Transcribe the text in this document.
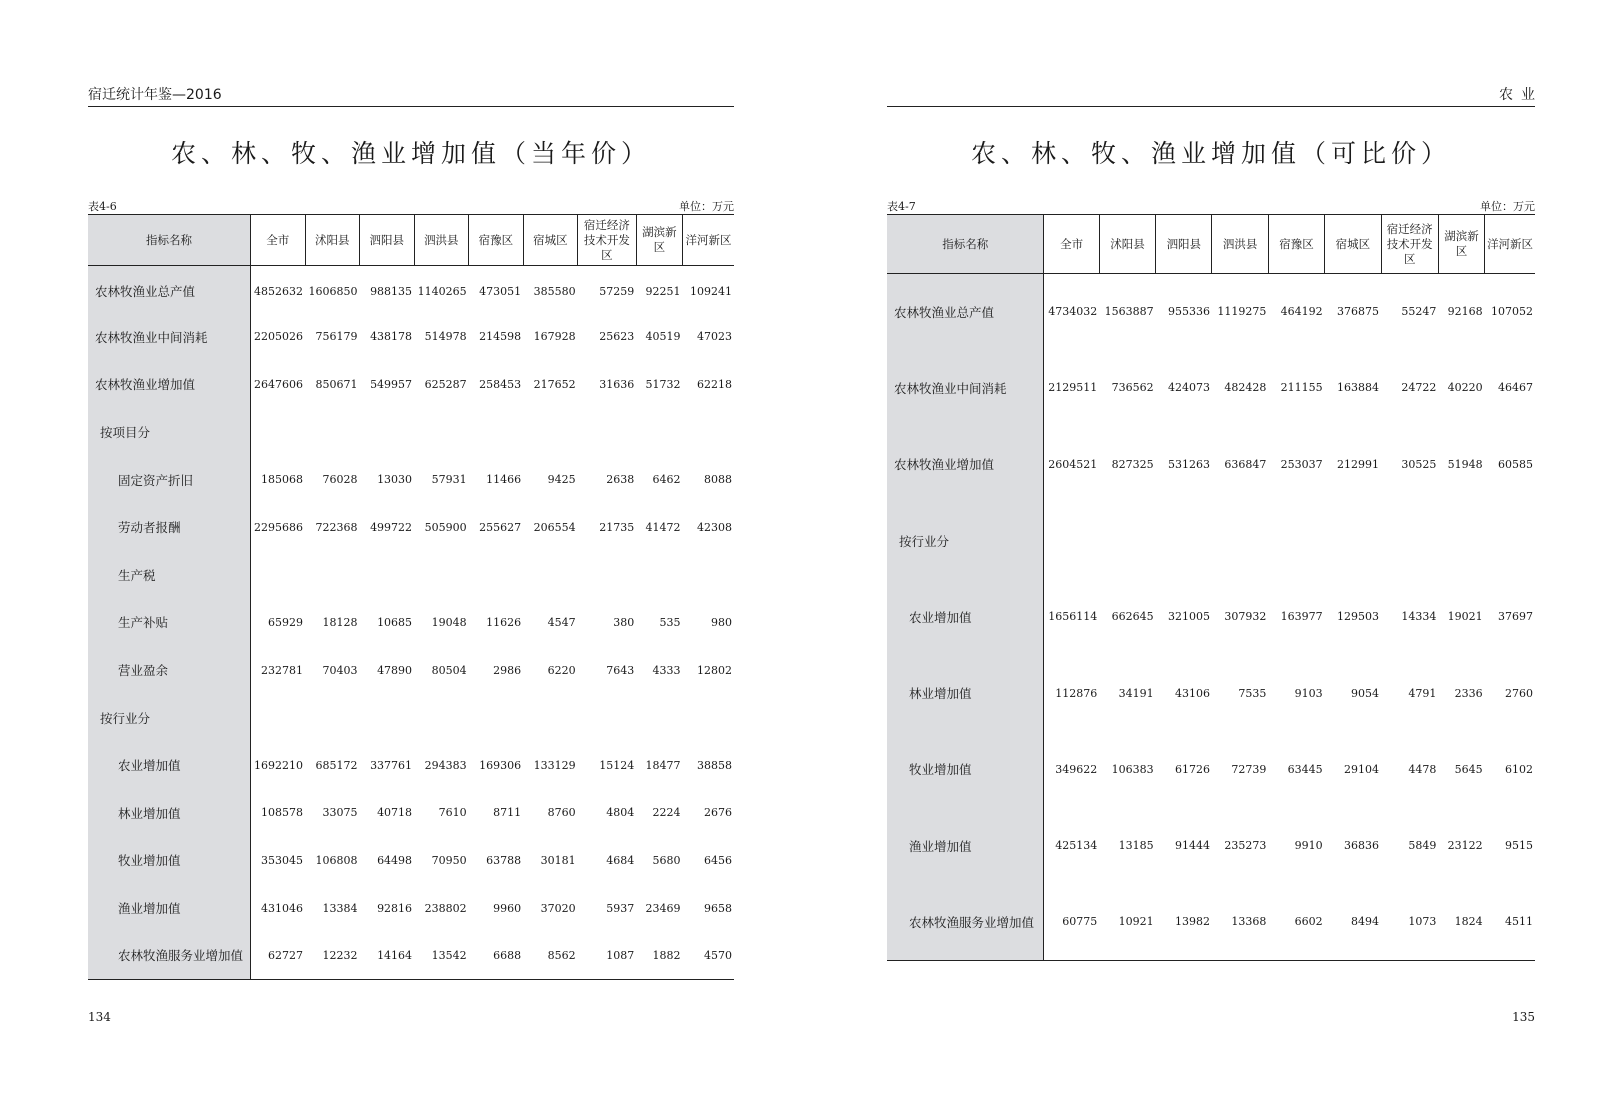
宿迁统计年鉴—2016
农、林、牧、渔业增加值（当年价）
表4-6	单位 ： 万元
指标名称	全市	沭阳县	泗阳县	泗洪县	宿豫区	宿城区	宿迁经济技术开发区	湖滨新区	洋河新区
农林牧渔业总产值	4852632	1606850	988135	1140265	473051	385580	57259	92251	109241
农林牧渔业中间消耗	2205026	756179	438178	514978	214598	167928	25623	40519	47023
农林牧渔业增加值	2647606	850671	549957	625287	258453	217652	31636	51732	62218
按项目分									
固定资产折旧	185068	76028	13030	57931	11466	9425	2638	6462	8088
劳动者报酬	2295686	722368	499722	505900	255627	206554	21735	41472	42308
生产税									
生产补贴	65929	18128	10685	19048	11626	4547	380	535	980
营业盈余	232781	70403	47890	80504	2986	6220	7643	4333	12802
按行业分									
农业增加值	1692210	685172	337761	294383	169306	133129	15124	18477	38858
林业增加值	108578	33075	40718	7610	8711	8760	4804	2224	2676
牧业增加值	353045	106808	64498	70950	63788	30181	4684	5680	6456
渔业增加值	431046	13384	92816	238802	9960	37020	5937	23469	9658
农林牧渔服务业增加值	62727	12232	14164	13542	6688	8562	1087	1882	4570
134
农业
农、林、牧、渔业增加值（可比价）
表4-7	单位 ： 万元
指标名称	全市	沭阳县	泗阳县	泗洪县	宿豫区	宿城区	宿迁经济技术开发区	湖滨新区	洋河新区
农林牧渔业总产值	4734032	1563887	955336	1119275	464192	376875	55247	92168	107052
农林牧渔业中间消耗	2129511	736562	424073	482428	211155	163884	24722	40220	46467
农林牧渔业增加值	2604521	827325	531263	636847	253037	212991	30525	51948	60585
按行业分									
农业增加值	1656114	662645	321005	307932	163977	129503	14334	19021	37697
林业增加值	112876	34191	43106	7535	9103	9054	4791	2336	2760
牧业增加值	349622	106383	61726	72739	63445	29104	4478	5645	6102
渔业增加值	425134	13185	91444	235273	9910	36836	5849	23122	9515
农林牧渔服务业增加值	60775	10921	13982	13368	6602	8494	1073	1824	4511
135
